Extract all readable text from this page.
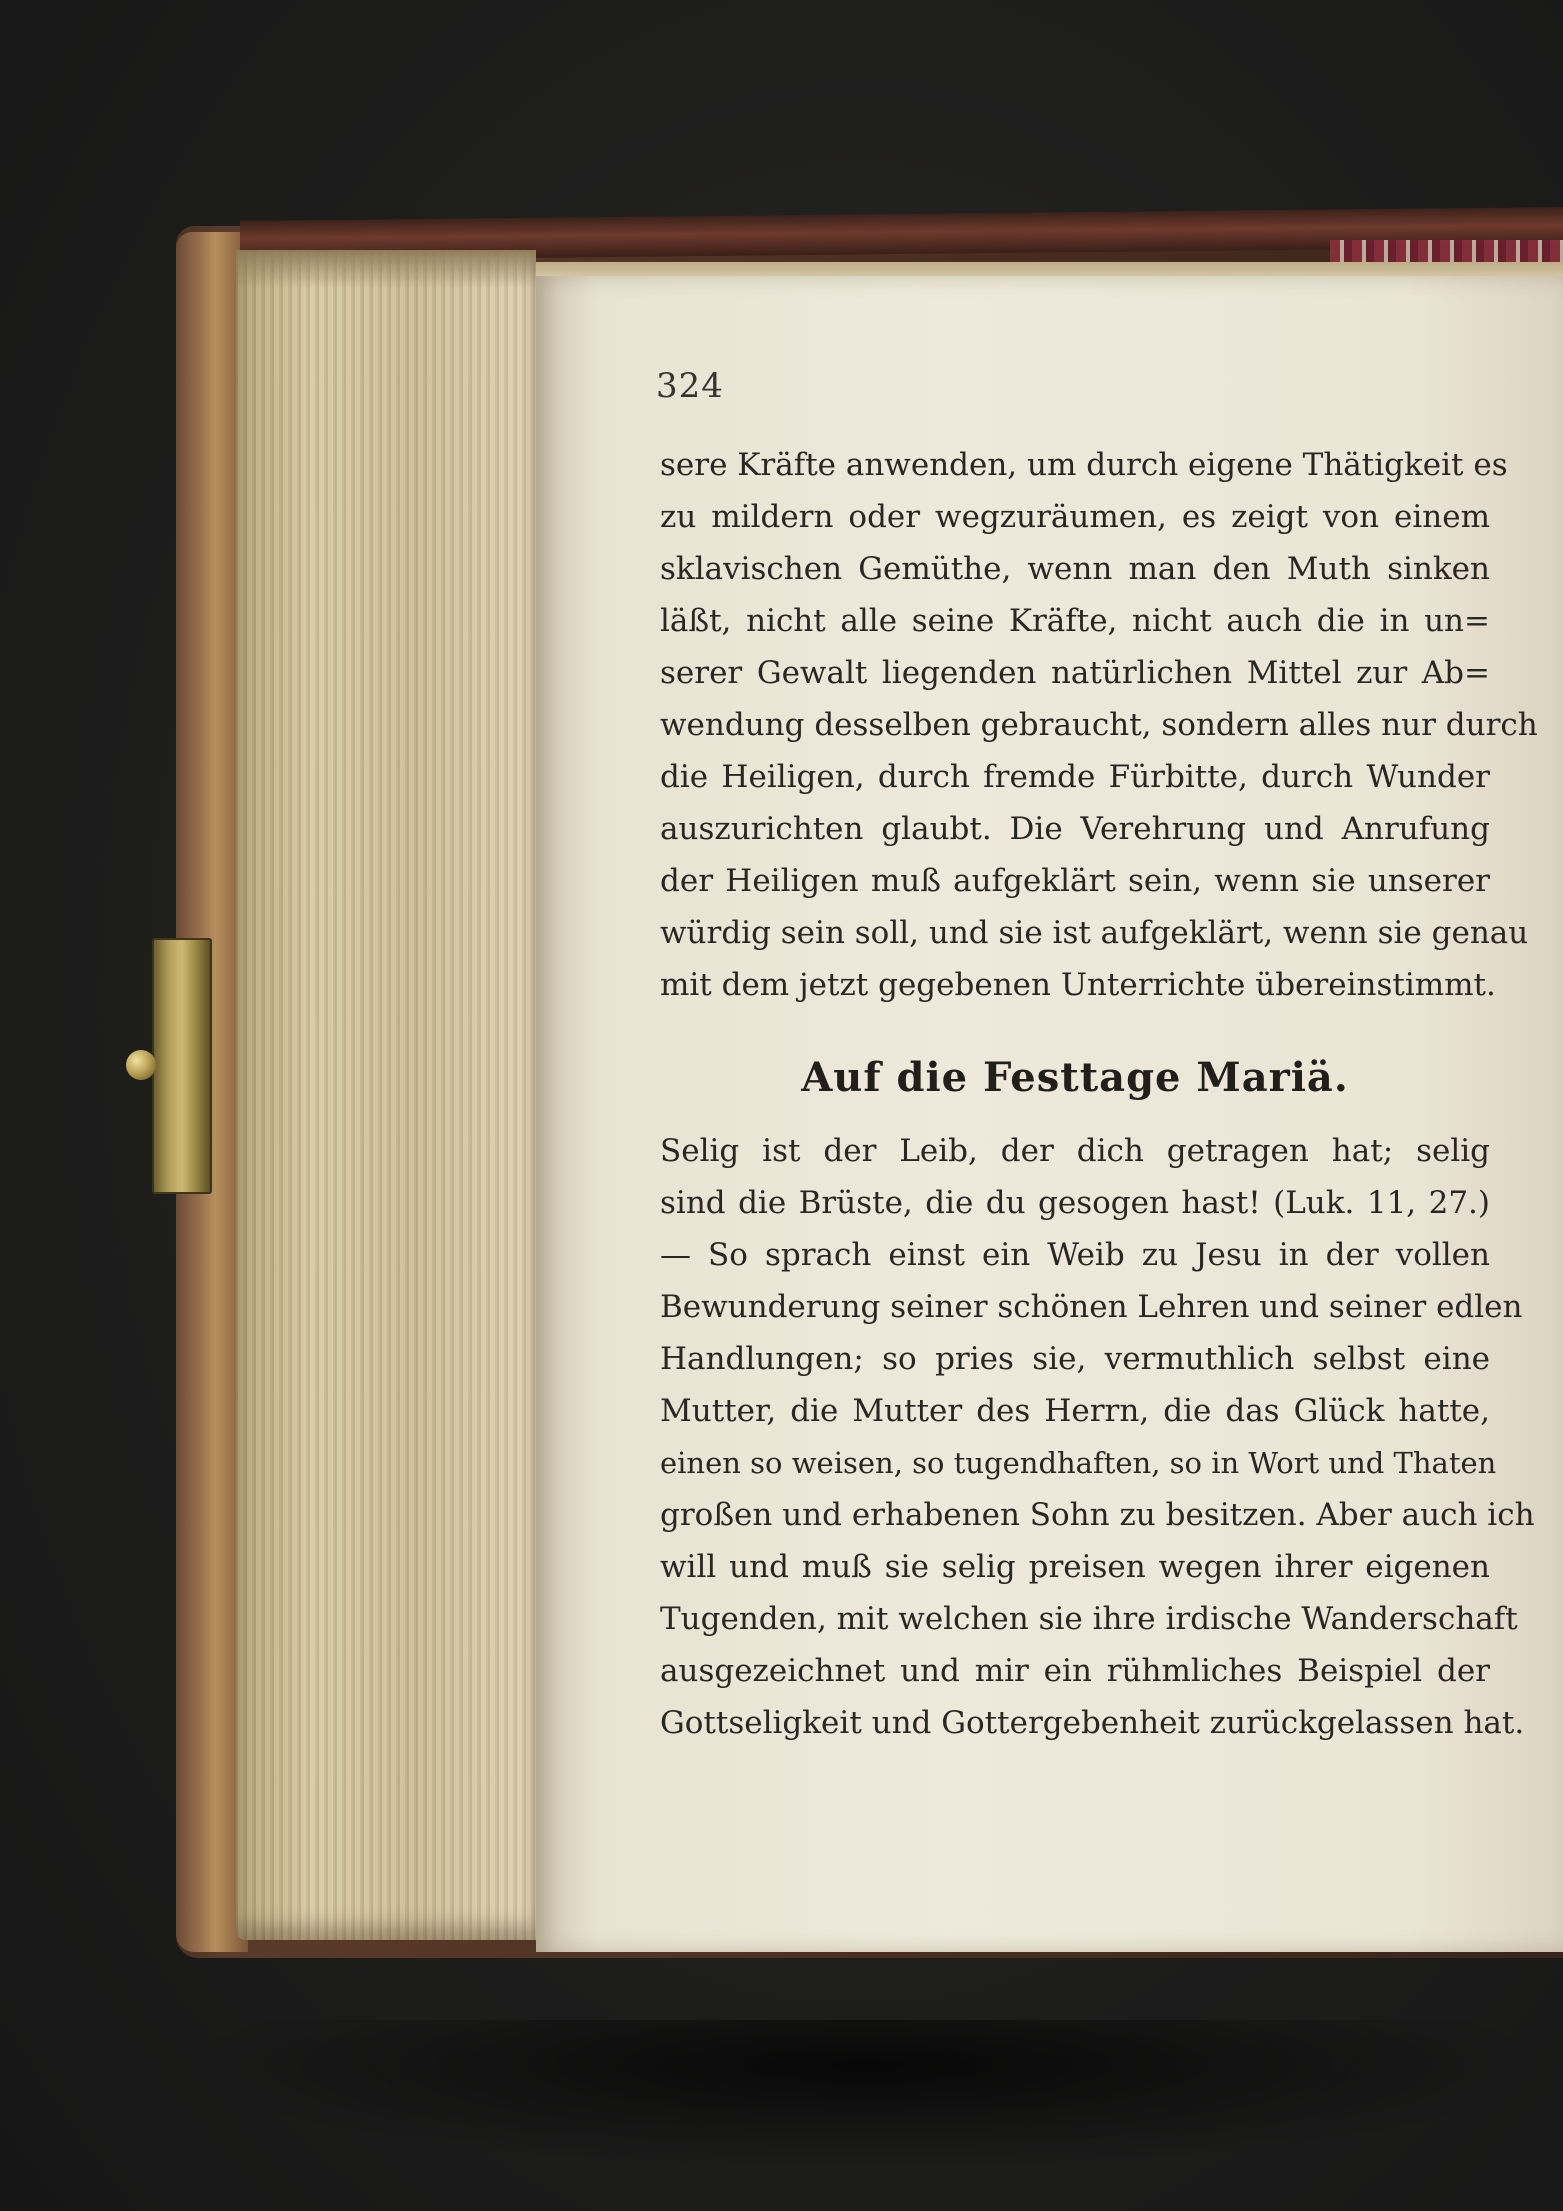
324
sere Kräfte anwenden, um durch eigene Thätigkeit es
zu mildern oder wegzuräumen, es zeigt von einem
sklavischen Gemüthe, wenn man den Muth sinken
läßt, nicht alle seine Kräfte, nicht auch die in un=
serer Gewalt liegenden natürlichen Mittel zur Ab=
wendung desselben gebraucht, sondern alles nur durch
die Heiligen, durch fremde Fürbitte, durch Wunder
auszurichten glaubt. Die Verehrung und Anrufung
der Heiligen muß aufgeklärt sein, wenn sie unserer
würdig sein soll, und sie ist aufgeklärt, wenn sie genau
mit dem jetzt gegebenen Unterrichte übereinstimmt.
Auf die Festtage Mariä.
Selig ist der Leib, der dich getragen hat; selig
sind die Brüste, die du gesogen hast! (Luk. 11, 27.)
— So sprach einst ein Weib zu Jesu in der vollen
Bewunderung seiner schönen Lehren und seiner edlen
Handlungen; so pries sie, vermuthlich selbst eine
Mutter, die Mutter des Herrn, die das Glück hatte,
einen so weisen, so tugendhaften, so in Wort und Thaten
großen und erhabenen Sohn zu besitzen. Aber auch ich
will und muß sie selig preisen wegen ihrer eigenen
Tugenden, mit welchen sie ihre irdische Wanderschaft
ausgezeichnet und mir ein rühmliches Beispiel der
Gottseligkeit und Gottergebenheit zurückgelassen hat.
